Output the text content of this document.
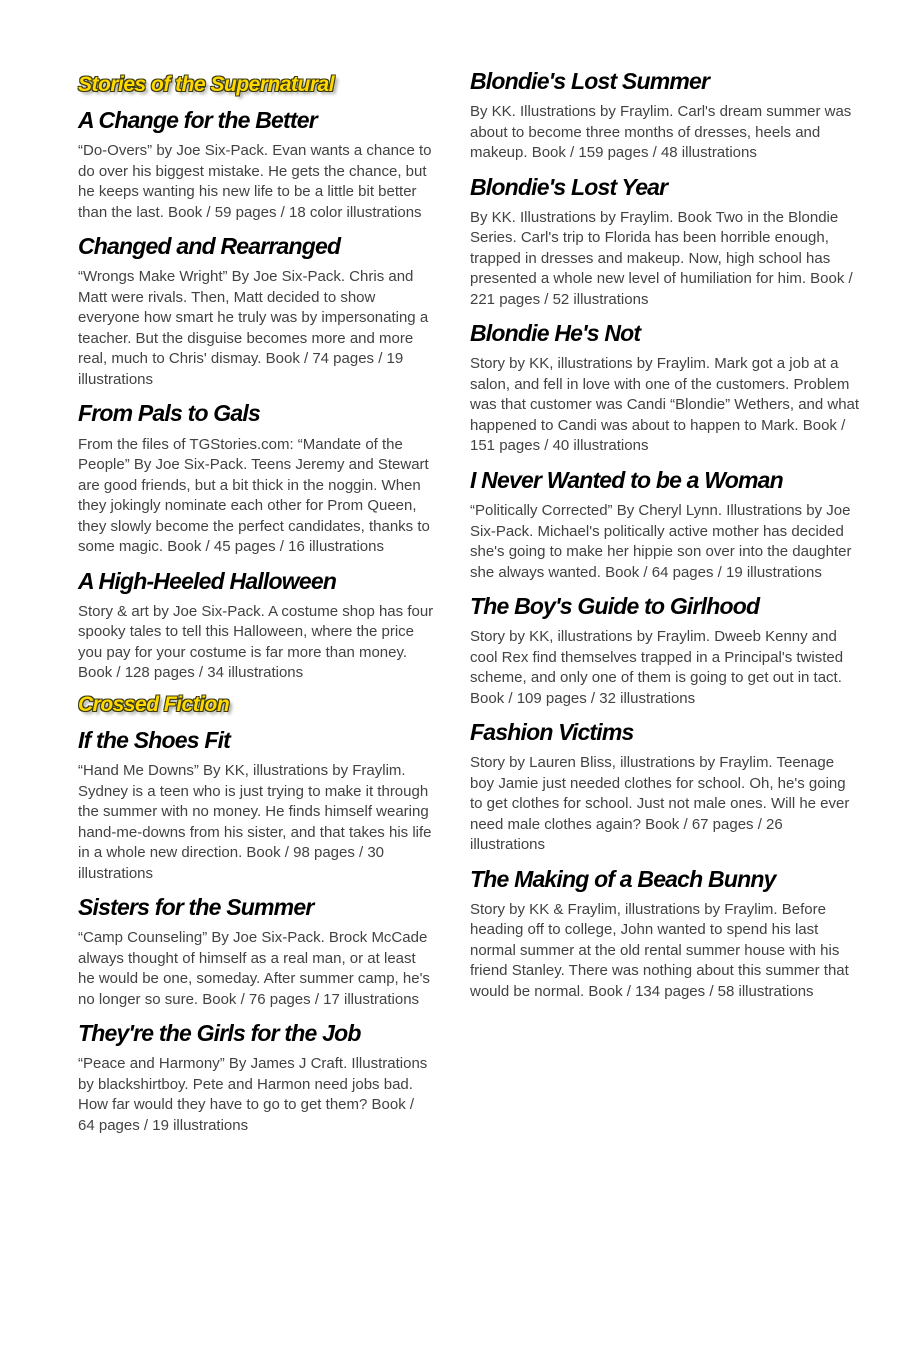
Stories of the Supernatural
A Change for the Better

“Do-Overs” by Joe Six-Pack. Evan wants a chance to do over his biggest mistake. He gets the chance, but he keeps wanting his new life to be a little bit better than the last. Book / 59 pages / 18 color illustrations

Changed and Rearranged

“Wrongs Make Wright” By Joe Six-Pack. Chris and Matt were rivals. Then, Matt decided to show everyone how smart he truly was by impersonating a teacher. But the disguise becomes more and more real, much to Chris' dismay. Book / 74 pages / 19 illustrations

From Pals to Gals

From the files of TGStories.com: “Mandate of the People” By Joe Six-Pack. Teens Jeremy and Stewart are good friends, but a bit thick in the noggin. When they jokingly nominate each other for Prom Queen, they slowly become the perfect candidates, thanks to some magic. Book / 45 pages / 16 illustrations

A High-Heeled Halloween

Story & art by Joe Six-Pack. A costume shop has four spooky tales to tell this Halloween, where the price you pay for your costume is far more than money. Book / 128 pages / 34 illustrations

Crossed Fiction
If the Shoes Fit

“Hand Me Downs” By KK, illustrations by Fraylim. Sydney is a teen who is just trying to make it through the summer with no money. He finds himself wearing hand-me-downs from his sister, and that takes his life in a whole new direction. Book / 98 pages / 30 illustrations

Sisters for the Summer

“Camp Counseling” By Joe Six-Pack. Brock McCade always thought of himself as a real man, or at least he would be one, someday. After summer camp, he's no longer so sure. Book / 76 pages / 17 illustrations

They're the Girls for the Job

“Peace and Harmony” By James J Craft. Illustrations by blackshirtboy. Pete and Harmon need jobs bad. How far would they have to go to get them? Book / 64 pages / 19 illustrations

Blondie's Lost Summer

By KK. Illustrations by Fraylim. Carl's dream summer was about to become three months of dresses, heels and makeup. Book / 159 pages / 48 illustrations

Blondie's Lost Year

By KK. Illustrations by Fraylim. Book Two in the Blondie Series. Carl's trip to Florida has been horrible enough, trapped in dresses and makeup. Now, high school has presented a whole new level of humiliation for him. Book / 221 pages / 52 illustrations

Blondie He's Not

Story by KK, illustrations by Fraylim. Mark got a job at a salon, and fell in love with one of the customers. Problem was that customer was Candi “Blondie” Wethers, and what happened to Candi was about to happen to Mark. Book / 151 pages / 40 illustrations

I Never Wanted to be a Woman

“Politically Corrected” By Cheryl Lynn. Illustrations by Joe Six-Pack. Michael's politically active mother has decided she's going to make her hippie son over into the daughter she always wanted. Book / 64 pages / 19 illustrations

The Boy's Guide to Girlhood

Story by KK, illustrations by Fraylim. Dweeb Kenny and cool Rex find themselves trapped in a Principal's twisted scheme, and only one of them is going to get out in tact. Book / 109 pages / 32 illustrations

Fashion Victims

Story by Lauren Bliss, illustrations by Fraylim. Teenage boy Jamie just needed clothes for school. Oh, he's going to get clothes for school. Just not male ones. Will he ever need male clothes again? Book / 67 pages / 26 illustrations

The Making of a Beach Bunny

Story by KK & Fraylim, illustrations by Fraylim. Before heading off to college, John wanted to spend his last normal summer at the old rental summer house with his friend Stanley. There was nothing about this summer that would be normal. Book / 134 pages / 58 illustrations
